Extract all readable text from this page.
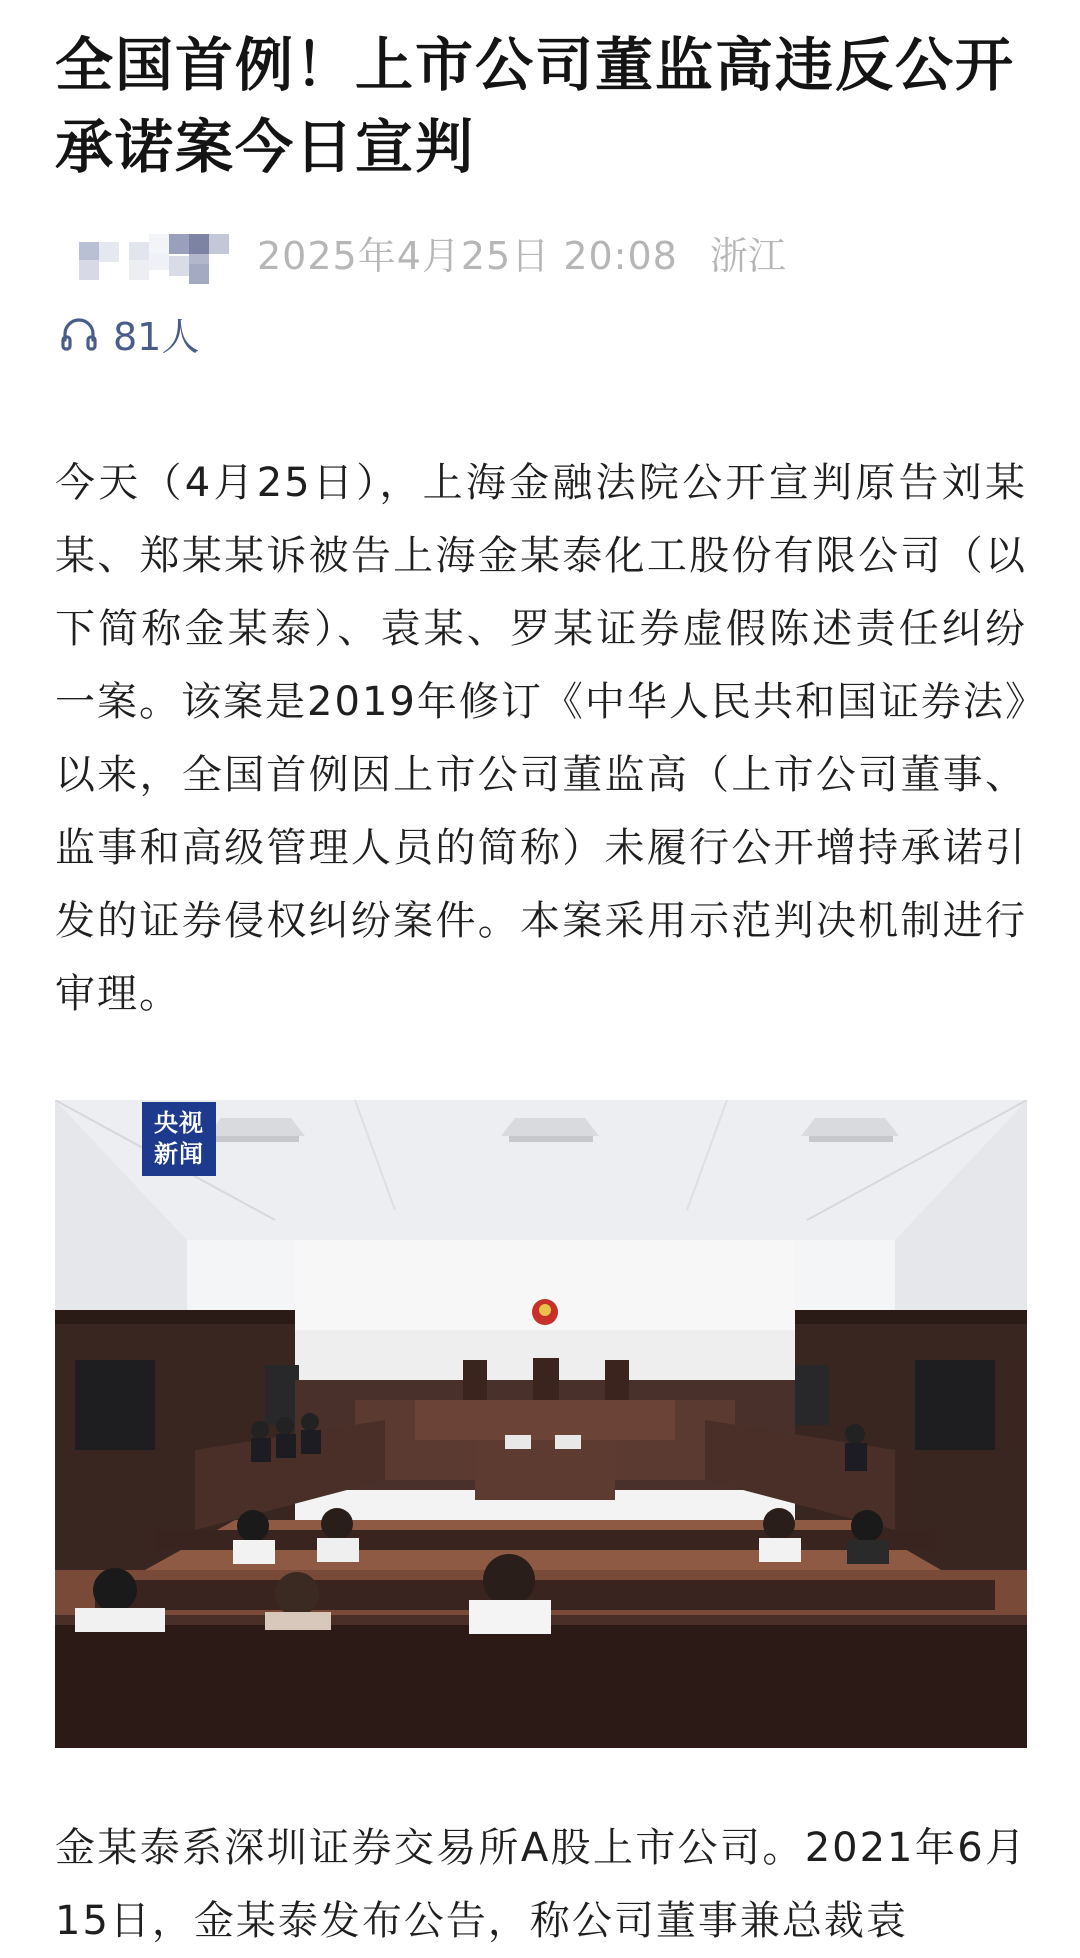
全国首例！上市公司董监高违反公开承诺案今日宣判
2025年4月25日 20:08 浙江
81人

今天（4月25日），上海金融法院公开宣判原告刘某某、郑某某诉被告上海金某泰化工股份有限公司（以下简称金某泰）、袁某、罗某证券虚假陈述责任纠纷一案。该案是2019年修订《中华人民共和国证券法》以来，全国首例因上市公司董监高（上市公司董事、监事和高级管理人员的简称）未履行公开增持承诺引发的证券侵权纠纷案件。本案采用示范判决机制进行审理。

央视
新闻

金某泰系深圳证券交易所A股上市公司。2021年6月15日，金某泰发布公告，称公司董事兼总裁袁
